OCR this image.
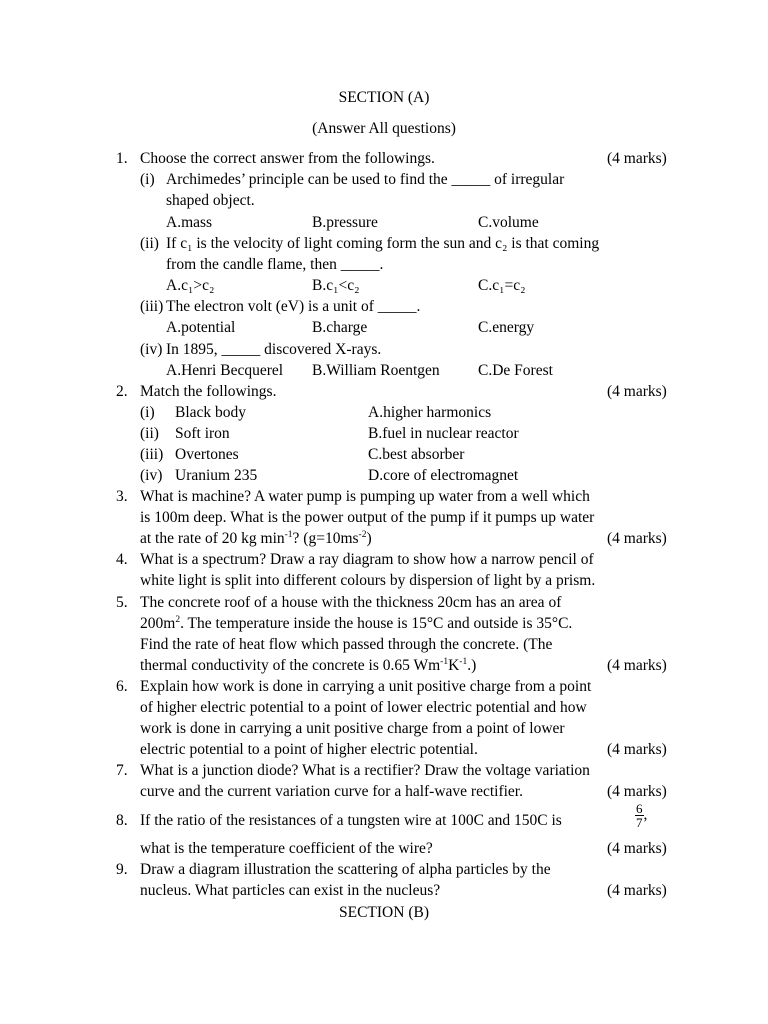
SECTION (A)
(Answer All questions)
1. Choose the correct answer from the followings.	(4 marks)
(i) Archimedes’ principle can be used to find the _____ of irregular
shaped object.
A.mass	B.pressure	C.volume
(ii) If c₁ is the velocity of light coming form the sun and c₂ is that coming
from the candle flame, then _____.
A.c₁>c₂	B.c₁<c₂	C.c₁=c₂
(iii) The electron volt (eV) is a unit of _____.
A.potential	B.charge	C.energy
(iv) In 1895, _____ discovered X-rays.
A.Henri Becquerel B.William Roentgen C.De Forest
2. Match the followings.	(4 marks)
(i) Black body	A.higher harmonics
(ii) Soft iron	B.fuel in nuclear reactor
(iii) Overtones	C.best absorber
(iv) Uranium 235	D.core of electromagnet
3. What is machine? A water pump is pumping up water from a well which
is 100m deep. What is the power output of the pump if it pumps up water
at the rate of 20 kg $\min^{-1}$? $(g=10ms^{-2})$	(4 marks)
4. What is a spectrum? Draw a ray diagram to show how a narrow pencil of
white light is split into different colours by dispersion of light by a prism.
5. The concrete roof of a house with the thickness 20cm has an area of
$200m^2$. The temperature inside the house is 15°C and outside is 35°C.
Find the rate of heat flow which passed through the concrete. (The
thermal conductivity of the concrete is 0.65 $Wm^{-1}K^{-1}$.)	(4 marks)
6. Explain how work is done in carrying a unit positive charge from a point
of higher electric potential to a point of lower electric potential and how
work is done in carrying a unit positive charge from a point of lower
electric potential to a point of higher electric potential.	(4 marks)
7. What is a junction diode? What is a rectifier? Draw the voltage variation
curve and the current variation curve for a half-wave rectifier.	(4 marks)
8. If the ratio of the resistances of a tungsten wire at 100C and 150C is	$\frac{6}{7}$ ,
what is the temperature coefficient of the wire?	(4 marks)
9. Draw a diagram illustration the scattering of alpha particles by the
nucleus. What particles can exist in the nucleus?	(4 marks)
SECTION (B)
